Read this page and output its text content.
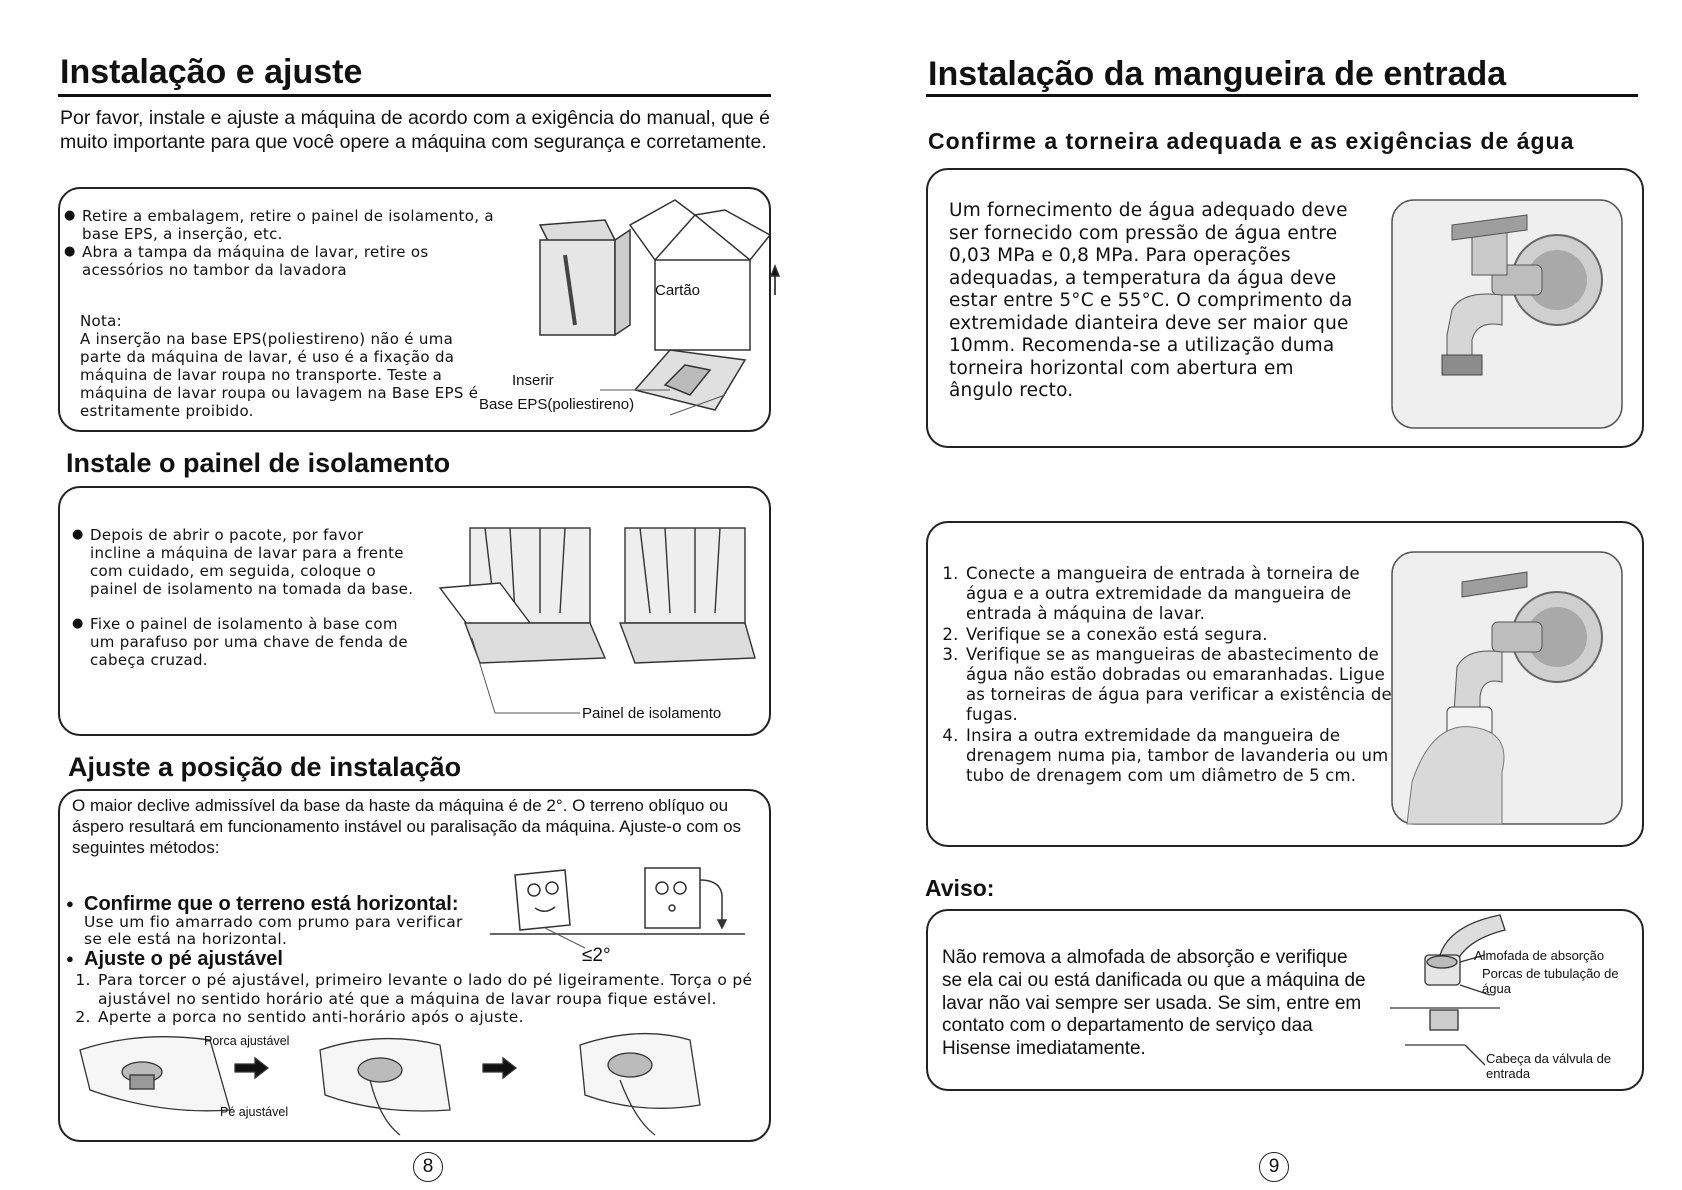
Instalação e ajuste
Por favor, instale e ajuste a máquina de acordo com a exigência do manual, que é muito importante para que você opere a máquina com segurança e corretamente.
● Retire a embalagem, retire o painel de isolamento, a base EPS, a inserção, etc.
● Abra a tampa da máquina de lavar, retire os acessórios no tambor da lavadora
Nota:
A inserção na base EPS(poliestireno) não é uma parte da máquina de lavar, é uso é a fixação da máquina de lavar roupa no transporte. Teste a máquina de lavar roupa ou lavagem na Base EPS é estritamente proibido.
Cartão
Inserir
Base EPS(poliestireno)
Instale o painel de isolamento
● Depois de abrir o pacote, por favor incline a máquina de lavar para a frente com cuidado, em seguida, coloque o painel de isolamento na tomada da base.
● Fixe o painel de isolamento à base com um parafuso por uma chave de fenda de cabeça cruzad.
Painel de isolamento
Ajuste a posição de instalação
O maior declive admissível da base da haste da máquina é de 2°. O terreno oblíquo ou áspero resultará em funcionamento instável ou paralisação da máquina. Ajuste-o com os seguintes métodos:
● Confirme que o terreno está horizontal:
Use um fio amarrado com prumo para verificar se ele está na horizontal.
● Ajuste o pé ajustável
1. Para torcer o pé ajustável, primeiro levante o lado do pé ligeiramente. Torça o pé ajustável no sentido horário até que a máquina de lavar roupa fique estável.
2. Aperte a porca no sentido anti-horário após o ajuste.
≤2°
Porca ajustável
Pé ajustável
8
Instalação da mangueira de entrada
Confirme a torneira adequada e as exigências de água
Um fornecimento de água adequado deve ser fornecido com pressão de água entre 0,03 MPa e 0,8 MPa. Para operações adequadas, a temperatura da água deve estar entre 5°C e 55°C. O comprimento da extremidade dianteira deve ser maior que 10mm. Recomenda-se a utilização duma torneira horizontal com abertura em ângulo recto.
1. Conecte a mangueira de entrada à torneira de água e a outra extremidade da mangueira de entrada à máquina de lavar.
2. Verifique se a conexão está segura.
3. Verifique se as mangueiras de abastecimento de água não estão dobradas ou emaranhadas. Ligue as torneiras de água para verificar a existência de fugas.
4. Insira a outra extremidade da mangueira de drenagem numa pia, tambor de lavanderia ou um tubo de drenagem com um diâmetro de 5 cm.
Aviso:
Não remova a almofada de absorção e verifique se ela cai ou está danificada ou que a máquina de lavar não vai sempre ser usada. Se sim, entre em contato com o departamento de serviço daa Hisense imediatamente.
Almofada de absorção
Porcas de tubulação de água
Cabeça da válvula de entrada
9
